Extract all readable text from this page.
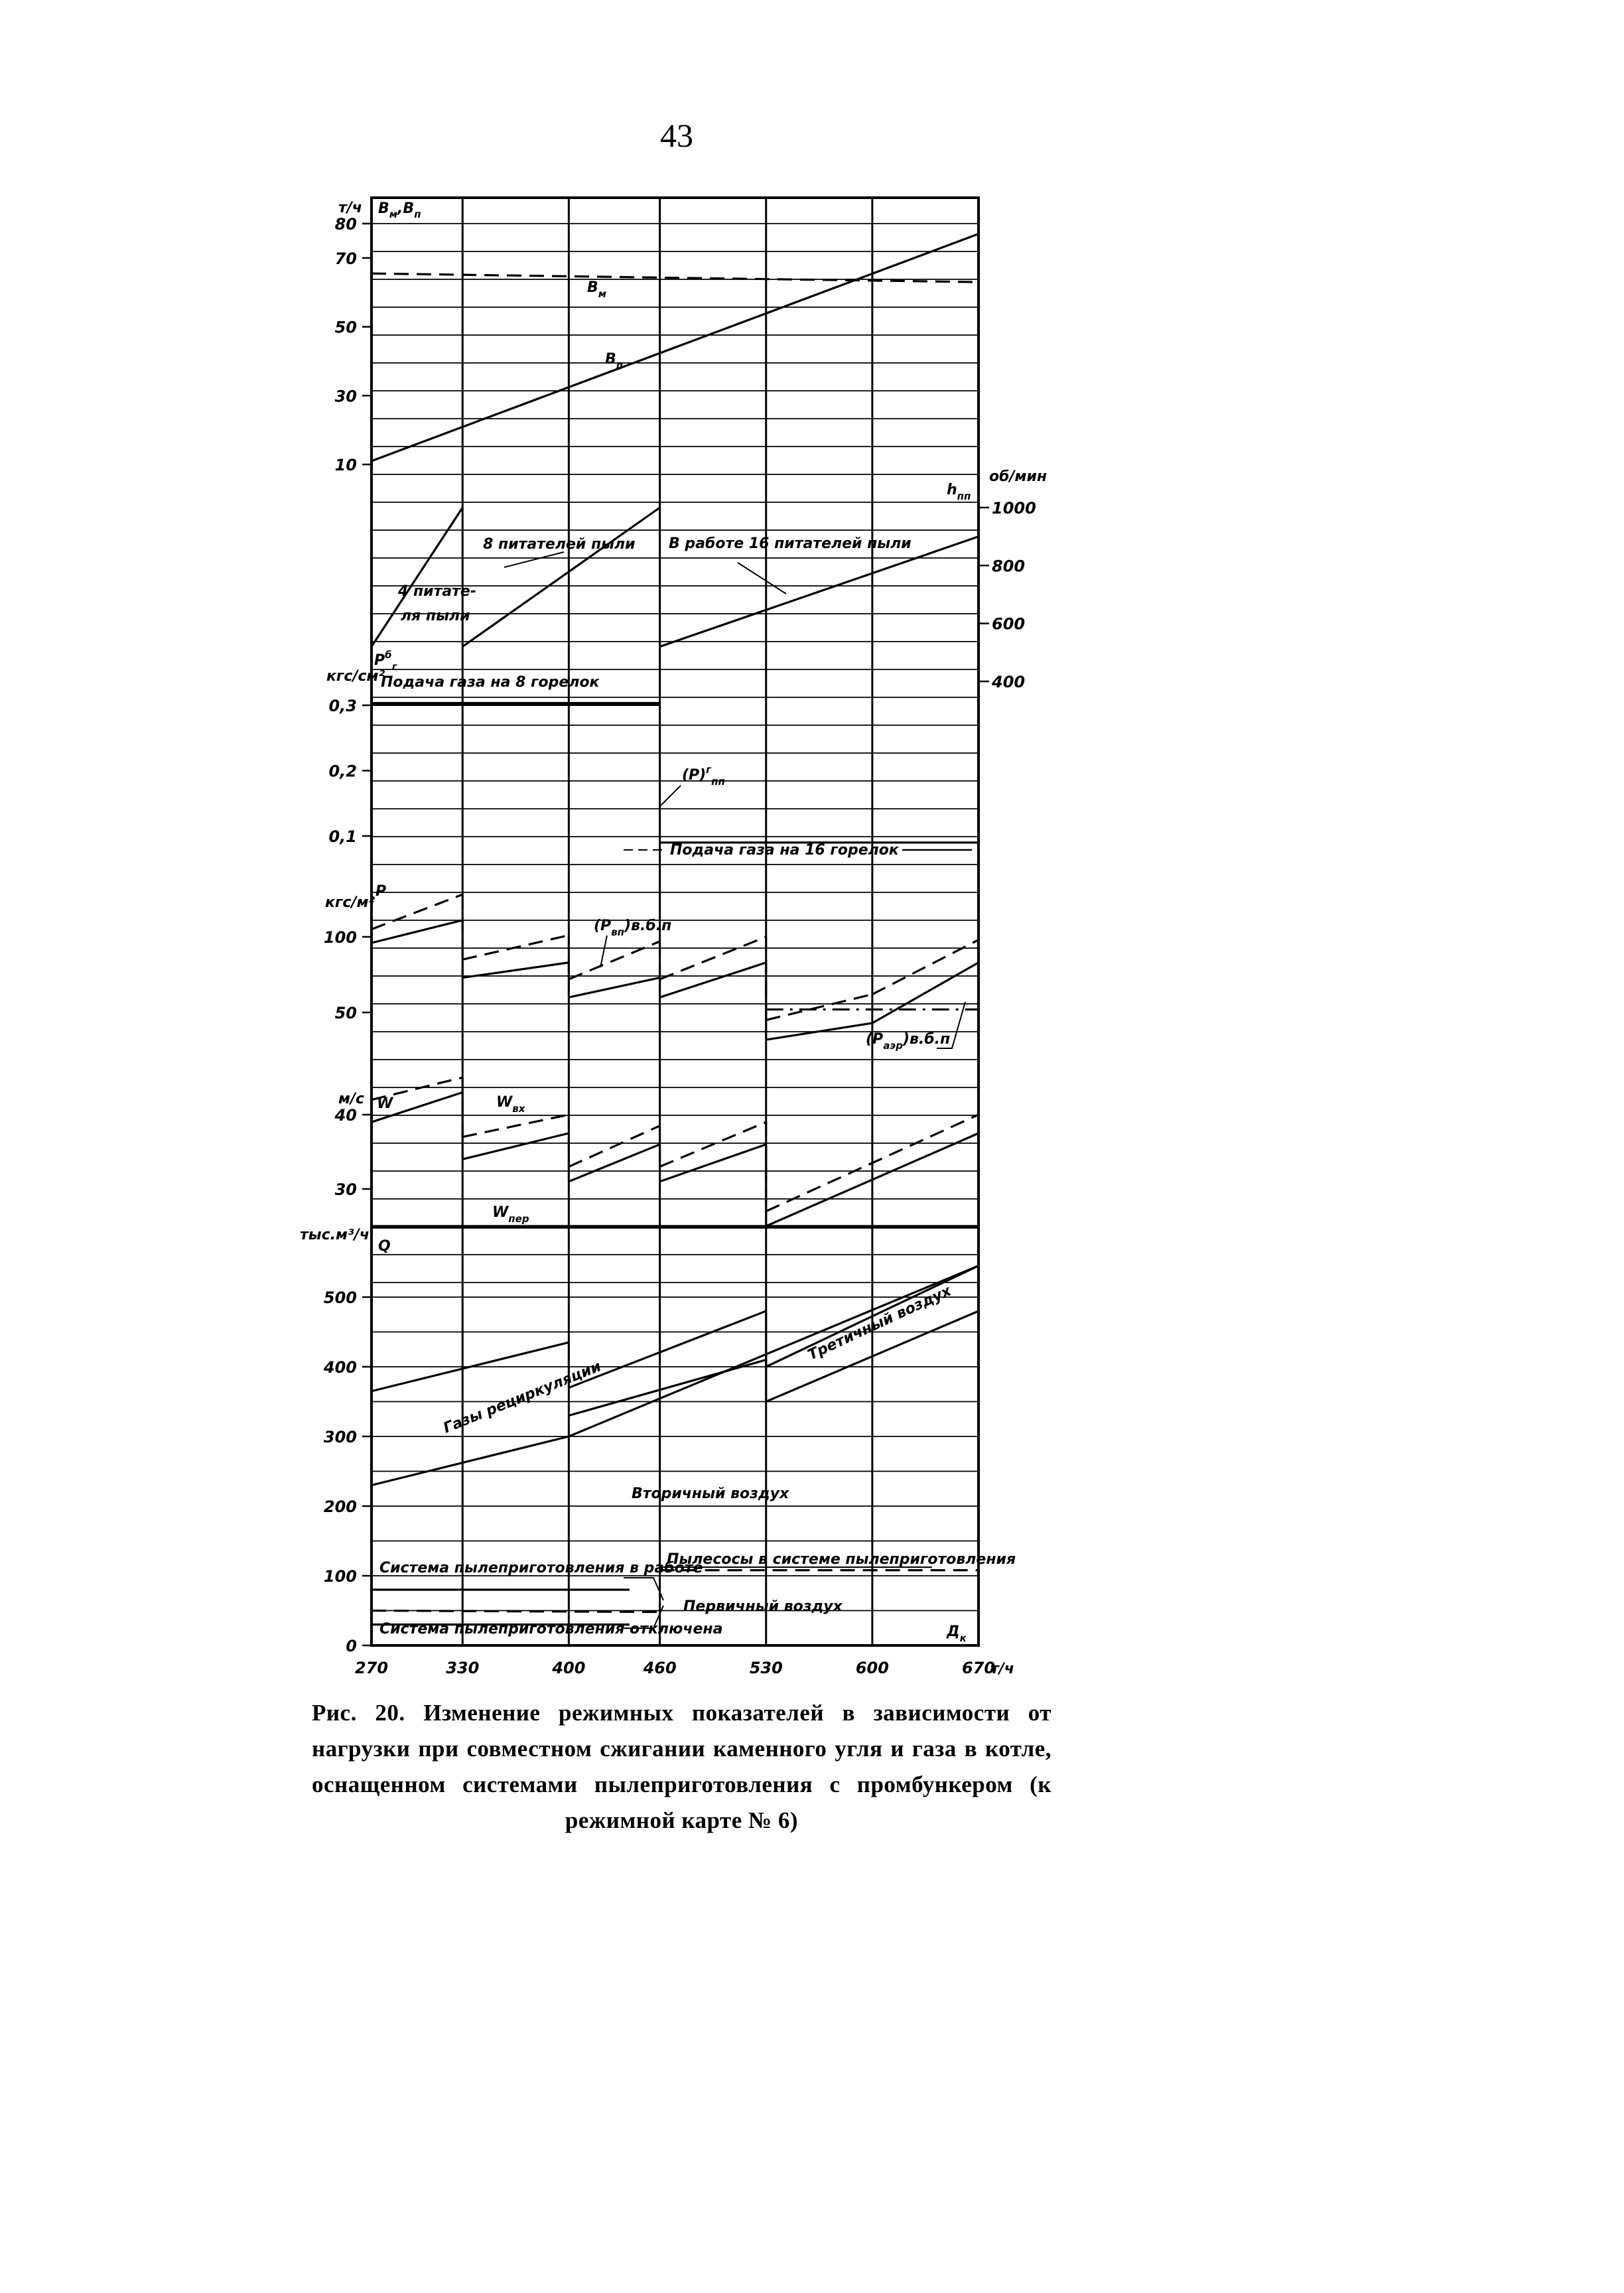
43
80
70
50
30
10
0,3
0,2
0,1
100
50
40
30
500
400
300
200
100
0
1000
800
600
400
270	330	400	460	530	600	670
т/ч
$Д_к$
т/ч
кгс/см²
кгс/м²
м/с
тыс.м³/ч
об/мин
$В_м,В_п$
$h_{пп}$
$Р^б_г$
Р
W
Q
$В_м$
$В_п$
8 питателей пыли
4 питате-
ля пыли
В работе 16 питателей пыли
Подача газа на 8 горелок
Подача газа на 16 горелок
$(Р)^г_{пп}$
$(Р_{вп})в.б.п$
$(Р_{аэр})в.б.п$
$W_{вх}$
$W_{пер}$
Газы рециркуляции
Третичный воздух
Вторичный воздух
Первичный воздух
Система пылеприготовления в работе
Система пылеприготовления отключена
Пылесосы в системе пылеприготовления
Рис. 20. Изменение режимных показателей в зависимости от нагрузки при совместном сжигании каменного угля и газа в котле, оснащенном системами пылеприготовления с промбункером (к режимной карте № 6)
